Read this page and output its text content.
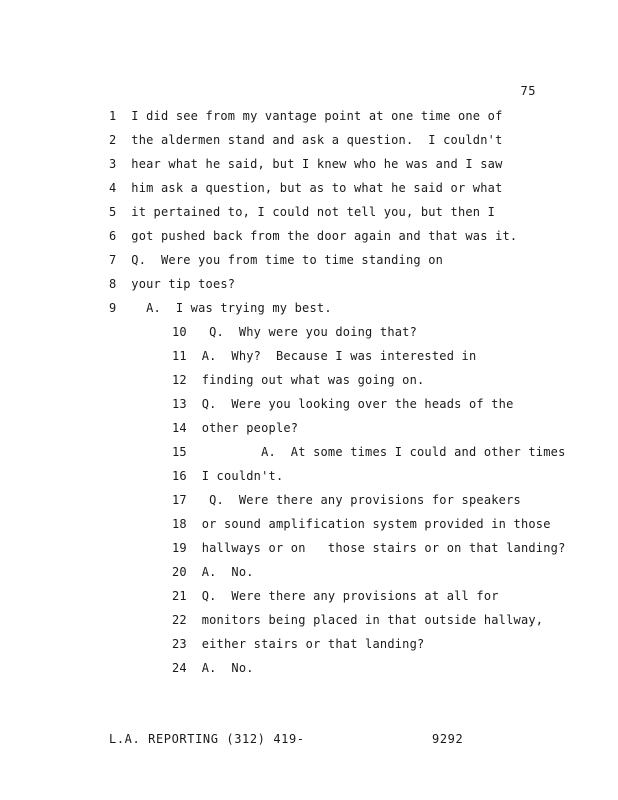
75
1  I did see from my vantage point at one time one of
2  the aldermen stand and ask a question.  I couldn't
3  hear what he said, but I knew who he was and I saw
4  him ask a question, but as to what he said or what
5  it pertained to, I could not tell you, but then I
6  got pushed back from the door again and that was it.
7  Q.  Were you from time to time standing on
8  your tip toes?
9    A.  I was trying my best.
10   Q.  Why were you doing that?
11  A.  Why?  Because I was interested in
12  finding out what was going on.
13  Q.  Were you looking over the heads of the
14  other people?
15          A.  At some times I could and other times
16  I couldn't.
17   Q.  Were there any provisions for speakers
18  or sound amplification system provided in those
19  hallways or on   those stairs or on that landing?
20  A.  No.
21  Q.  Were there any provisions at all for
22  monitors being placed in that outside hallway,
23  either stairs or that landing?
24  A.  No.
L.A. REPORTING (312) 419-	9292
